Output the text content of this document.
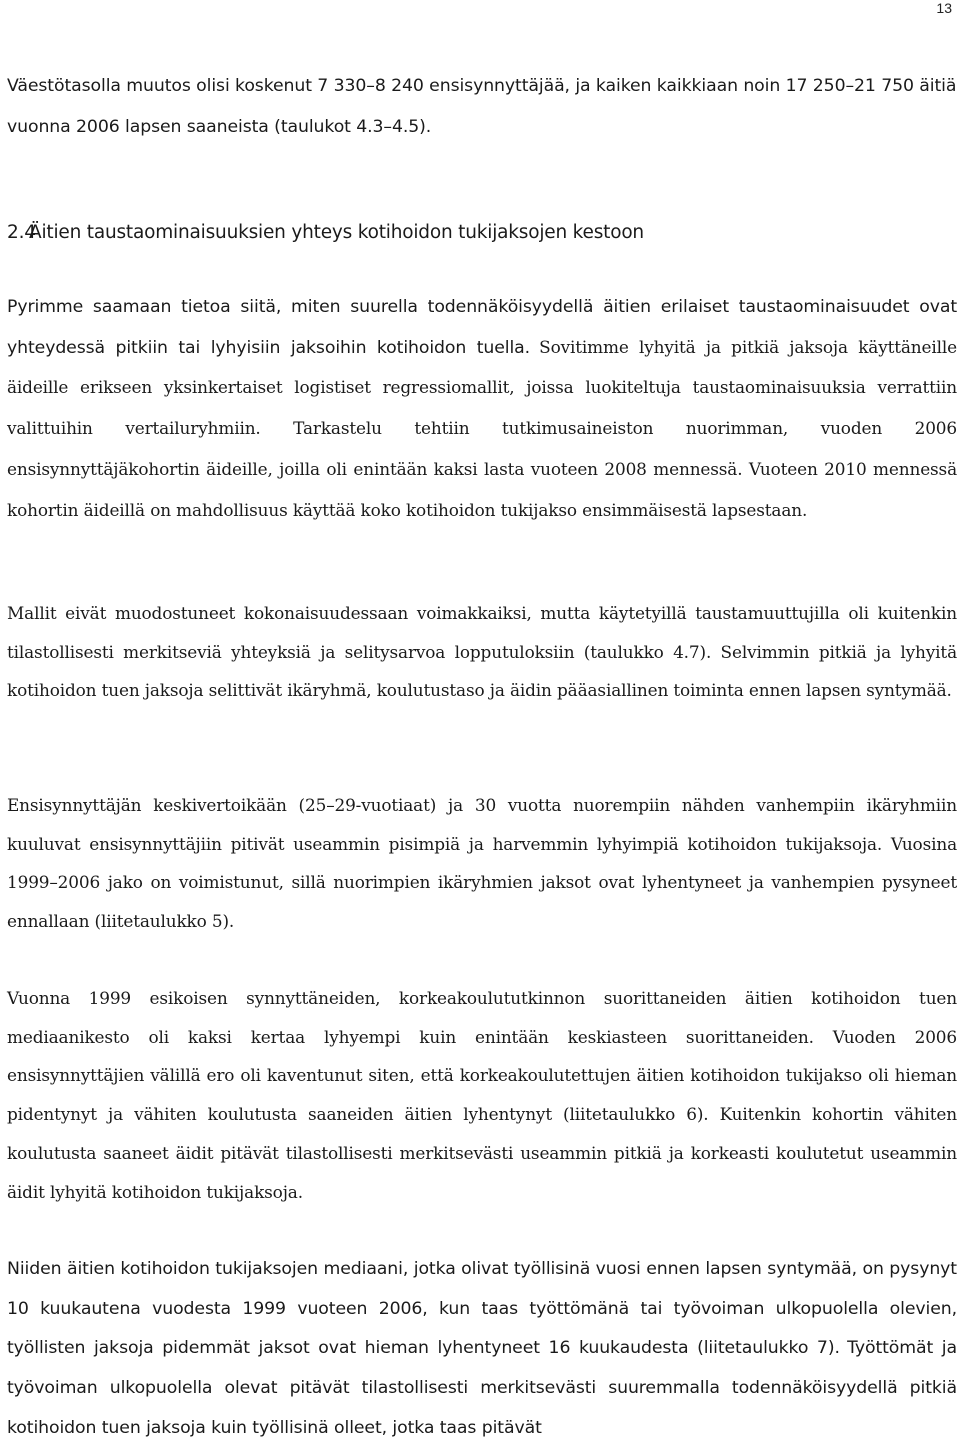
13

Väestötasolla muutos olisi koskenut 7 330–8 240 ensisynnyttäjää, ja kaiken kaikkiaan noin 17 250–21 750 äitiä vuonna 2006 lapsen saaneista (taulukot 4.3–4.5).

2.4Äitien taustaominaisuuksien yhteys kotihoidon tukijaksojen kestoon

Pyrimme saamaan tietoa siitä, miten suurella todennäköisyydellä äitien erilaiset taustaominaisuudet ovat yhteydessä pitkiin tai lyhyisiin jaksoihin kotihoidon tuella. Sovitimme lyhyitä ja pitkiä jaksoja käyttäneille äideille erikseen yksinkertaiset logistiset regressiomallit, joissa luokiteltuja taustaominaisuuksia verrattiin valittuihin vertailuryhmiin. Tarkastelu tehtiin tutkimusaineiston nuorimman, vuoden 2006 ensisynnyttäjäkohortin äideille, joilla oli enintään kaksi lasta vuoteen 2008 mennessä. Vuoteen 2010 mennessä kohortin äideillä on mahdollisuus käyttää koko kotihoidon tukijakso ensimmäisestä lapsestaan.

Mallit eivät muodostuneet kokonaisuudessaan voimakkaiksi, mutta käytetyillä taustamuuttujilla oli kuitenkin tilastollisesti merkitseviä yhteyksiä ja selitysarvoa lopputuloksiin (taulukko 4.7). Selvimmin pitkiä ja lyhyitä kotihoidon tuen jaksoja selittivät ikäryhmä, koulutustaso ja äidin pääasiallinen toiminta ennen lapsen syntymää.

Ensisynnyttäjän keskivertoikään (25–29-vuotiaat) ja 30 vuotta nuorempiin nähden vanhempiin ikäryhmiin kuuluvat ensisynnyttäjiin pitivät useammin pisimpiä ja harvemmin lyhyimpiä kotihoidon tukijaksoja. Vuosina 1999–2006 jako on voimistunut, sillä nuorimpien ikäryhmien jaksot ovat lyhentyneet ja vanhempien pysyneet ennallaan (liitetaulukko 5).

Vuonna 1999 esikoisen synnyttäneiden, korkeakoulututkinnon suorittaneiden äitien kotihoidon tuen mediaanikesto oli kaksi kertaa lyhyempi kuin enintään keskiasteen suorittaneiden. Vuoden 2006 ensisynnyttäjien välillä ero oli kaventunut siten, että korkeakoulutettujen äitien kotihoidon tukijakso oli hieman pidentynyt ja vähiten koulutusta saaneiden äitien lyhentynyt (liitetaulukko 6). Kuitenkin kohortin vähiten koulutusta saaneet äidit pitävät tilastollisesti merkitsevästi useammin pitkiä ja korkeasti koulutetut useammin äidit lyhyitä kotihoidon tukijaksoja.

Niiden äitien kotihoidon tukijaksojen mediaani, jotka olivat työllisinä vuosi ennen lapsen syntymää, on pysynyt 10 kuukautena vuodesta 1999 vuoteen 2006, kun taas työttömänä tai työvoiman ulkopuolella olevien, työllisten jaksoja pidemmät jaksot ovat hieman lyhentyneet 16 kuukaudesta (liitetaulukko 7). Työttömät ja työvoiman ulkopuolella olevat pitävät tilastollisesti merkitsevästi suuremmalla todennäköisyydellä pitkiä kotihoidon tuen jaksoja kuin työllisinä olleet, jotka taas pitävät
